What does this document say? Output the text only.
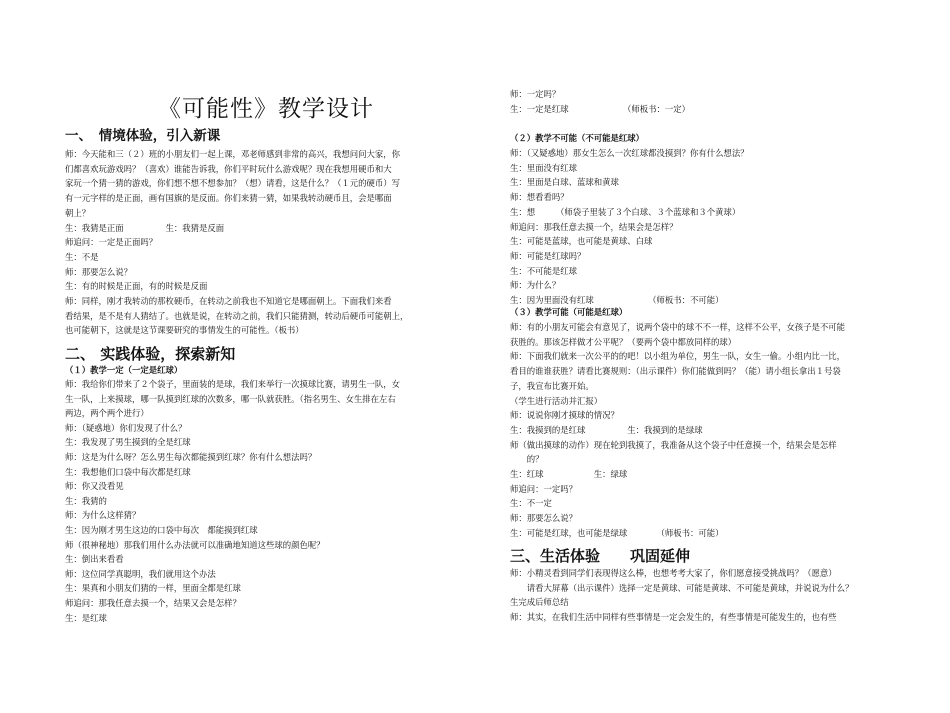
《可能性》教学设计
一、　情境体验，引入新课
师：今天能和三（２）班的小朋友们一起上课，邓老师感到非常的高兴，我想问问大家，你
们都喜欢玩游戏吗？（喜欢）谁能告诉我，你们平时玩什么游戏呢？现在我想用硬币和大
家玩一个猜一猜的游戏，你们想不想不想参加？（想）请看，这是什么？（１元的硬币）写
有一元字样的是正面，画有国旗的是反面。你们来猜一猜，如果我转动硬币且，会是哪面
朝上？
生：我猜是正面　　　　　生：我猜是反面
师追问：一定是正面吗？
生：不是
师：那要怎么说？
生：有的时候是正面，有的时候是反面
师：同样，刚才我转动的那枚硬币，在转动之前我也不知道它是哪面朝上。下面我们来看
看结果，是不是有人猜结了。也就是说，在转动之前，我们只能猜测，转动后硬币可能朝上，
也可能朝下，这就是这节课要研究的事情发生的可能性。（板书）
二、 实践体验，探索新知
（１）教学一定（一定是红球）
师：我给你们带来了２个袋子，里面装的是球，我们来举行一次摸球比赛，请男生一队，女
生一队，上来摸球，哪一队摸到红球的次数多，哪一队就获胜。（指名男生、女生排在左右
两边，两个两个进行）
师：（疑惑地）你们发现了什么？
生：我发现了男生摸到的全是红球
师：这是为什么呀？怎么男生每次都能摸到红球？你有什么想法吗？
生：我想他们口袋中每次都是红球
师：你又没看见
生：我猜的
师：为什么这样猜？
生：因为刚才男生这边的口袋中每次　都能摸到红球
师（很神秘地）那我们用什么办法就可以准确地知道这些球的颜色呢？
生：倒出来看看
师：这位同学真聪明，我们就用这个办法
生：果真和小朋友们猜的一样，里面全都是红球
师追问：那我任意去摸一个，结果又会是怎样？
生：是红球
师：一定吗？
生：一定是红球　　　　　　　（师板书：一定）
（２）教学不可能（不可能是红球）
师：（又疑惑地）那女生怎么一次红球都没摸到？你有什么想法？
生：里面没有红球
生：里面是白球、蓝球和黄球
师：想看看吗？
生：想　　　（师袋子里装了３个白球、３个蓝球和３个黄球）
师追问：那我任意去摸一个，结果会是怎样？
生：可能是蓝球，也可能是黄球、白球
师：可能是红球吗？
生：不可能是红球
师：为什么？
生：因为里面没有红球　　　　　　　（师板书：不可能）
（３）教学可能（可能是红球）
师：有的小朋友可能会有意见了，说两个袋中的球不不一样，这样不公平，女孩子是不可能
获胜的。那该怎样做才公平呢？（要两个袋中都放同样的球）
师：下面我们就来一次公平的的吧！以小组为单位，男生一队，女生一偷。小组内比一比，
看目的谁谁获胜？请看比赛规则：（出示课件）你们能做到吗？（能）请小组长拿出１号袋
子，我宣布比赛开始。
（学生进行活动并汇报）
师：说说你刚才摸球的情况？
生：我摸到的是红球　　　　　生：我摸到的是绿球
师（做出摸球的动作）现在轮到我摸了，我准备从这个袋子中任意摸一个，结果会是怎样
　　的？
生：红球　　　　　　生：绿球
师追问：一定吗？
生：不一定
师：那要怎么说？
生：可能是红球，也可能是绿球　　　　（师板书：可能）
三、生活体验　　巩固延伸
师：小精灵看到同学们表现得这么棒，也想考考大家了，你们愿意接受挑战吗？（愿意）
　　请看大屏幕（出示课件）选择一定是黄球、可能是黄球、不可能是黄球，并说说为什么？
生完成后师总结
师：其实，在我们生活中同样有些事情是一定会发生的，有些事情是可能发生的，也有些
